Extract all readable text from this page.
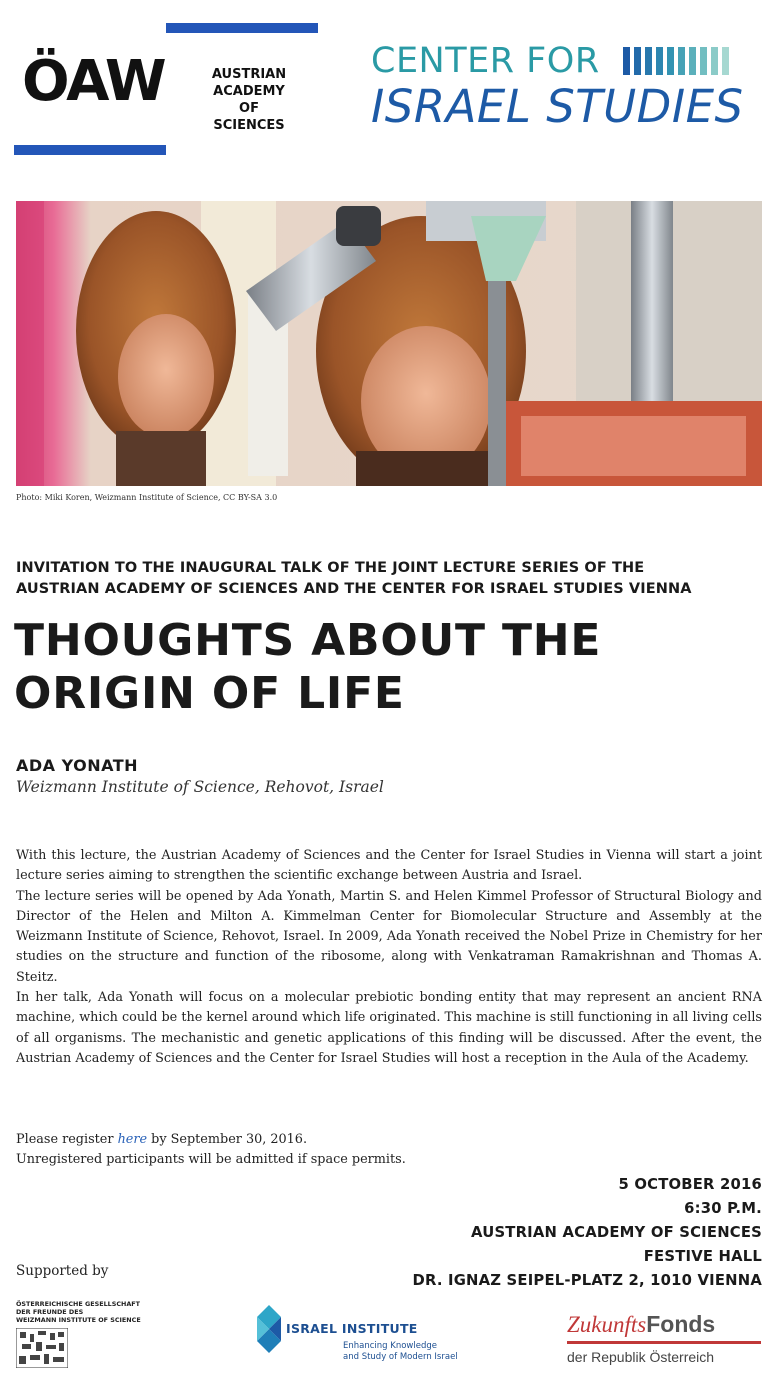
ÖAW	AUSTRIAN
ACADEMY OF
SCIENCES
CENTER FOR
ISRAEL STUDIES
Photo: Miki Koren, Weizmann Institute of Science, CC BY-SA 3.0
INVITATION TO THE INAUGURAL TALK OF THE JOINT LECTURE SERIES OF THE
AUSTRIAN ACADEMY OF SCIENCES AND THE CENTER FOR ISRAEL STUDIES VIENNA
THOUGHTS ABOUT THE
ORIGIN OF LIFE
ADA YONATH
Weizmann Institute of Science, Rehovot, Israel

With this lecture, the Austrian Academy of Sciences and the Center for Israel Studies in Vienna will start a joint lecture series aiming to strengthen the scientific exchange between Austria and Israel.

The lecture series will be opened by Ada Yonath, Martin S. and Helen Kimmel Professor of Structural Biology and Director of the Helen and Milton A. Kimmelman Center for Biomolecular Structure and Assembly at the Weizmann Institute of Science, Rehovot, Israel. In 2009, Ada Yonath received the Nobel Prize in Chemistry for her studies on the structure and function of the ribosome, along with Venkatraman Ramakrishnan and Thomas A. Steitz.

In her talk, Ada Yonath will focus on a molecular prebiotic bonding entity that may represent an ancient RNA machine, which could be the kernel around which life originated. This machine is still functioning in all living cells of all organisms. The mechanistic and genetic applications of this finding will be discussed. After the event, the Austrian Academy of Sciences and the Center for Israel Studies will host a reception in the Aula of the Academy.

Please register here by September 30, 2016.
Unregistered participants will be admitted if space permits.
5 OCTOBER 2016
6:30 P.M.
AUSTRIAN ACADEMY OF SCIENCES
FESTIVE HALL
DR. IGNAZ SEIPEL-PLATZ 2, 1010 VIENNA
Supported by
ÖSTERREICHISCHE GESELLSCHAFT
DER FREUNDE DES
WEIZMANN INSTITUTE OF SCIENCE
ISRAEL INSTITUTE
Enhancing Knowledge
and Study of Modern Israel
ZukunftsFonds
der Republik Österreich
